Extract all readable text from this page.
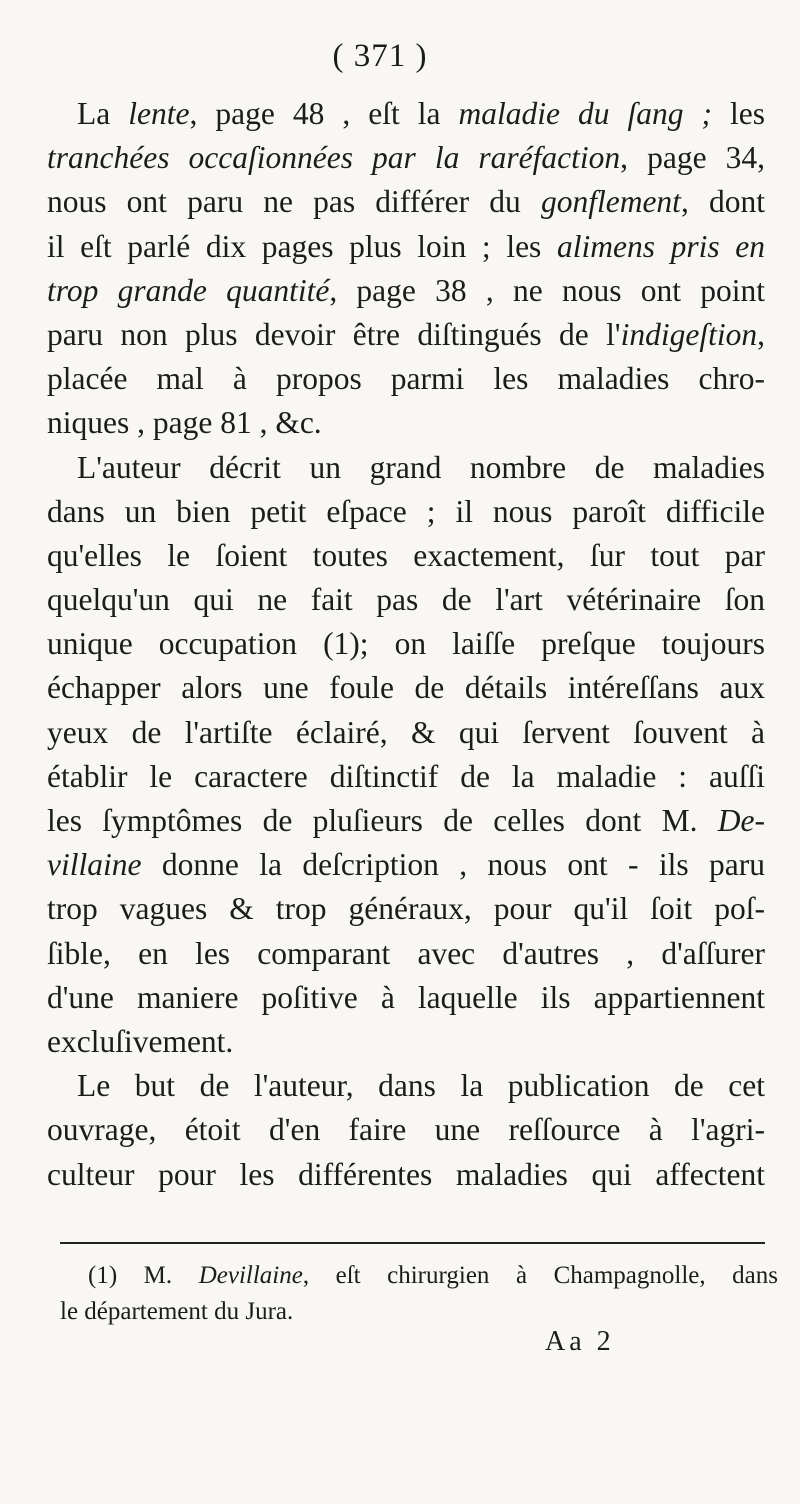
( 371 )

La lente, page 48 , eſt la maladie du ſang ; les
tranchées occaſionnées par la raréfaction, page 34,
nous ont paru ne pas différer du gonflement, dont
il eſt parlé dix pages plus loin ; les alimens pris en
trop grande quantité, page 38 , ne nous ont point
paru non plus devoir être diſtingués de l'indigeſtion,
placée mal à propos parmi les maladies chro-
niques , page 81 , &c.

L'auteur décrit un grand nombre de maladies
dans un bien petit eſpace ; il nous paroît difficile
qu'elles le ſoient toutes exactement, ſur tout par
quelqu'un qui ne fait pas de l'art vétérinaire ſon
unique occupation (1); on laiſſe preſque toujours
échapper alors une foule de détails intéreſſans aux
yeux de l'artiſte éclairé, & qui ſervent ſouvent à
établir le caractere diſtinctif de la maladie : auſſi
les ſymptômes de pluſieurs de celles dont M. De-
villaine donne la deſcription , nous ont - ils paru
trop vagues & trop généraux, pour qu'il ſoit poſ-
ſible, en les comparant avec d'autres , d'aſſurer
d'une maniere poſitive à laquelle ils appartiennent
excluſivement.

Le but de l'auteur, dans la publication de cet
ouvrage, étoit d'en faire une reſſource à l'agri-
culteur pour les différentes maladies qui affectent

(1) M. Devillaine, eſt chirurgien à Champagnolle, dans
le département du Jura.
Aa 2
